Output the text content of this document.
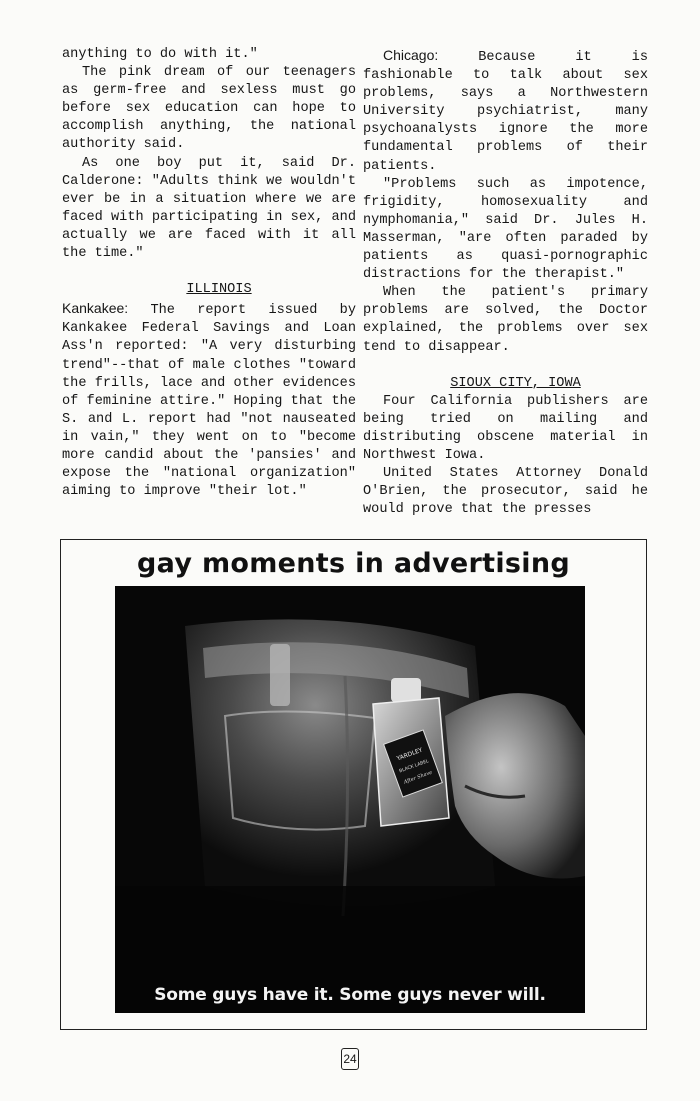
anything to do with it."

The pink dream of our teenagers as germ-free and sexless must go before sex education can hope to accomplish anything, the national authority said.

As one boy put it, said Dr. Calderone: "Adults think we wouldn't ever be in a situation where we are faced with participating in sex, and actually we are faced with it all the time."

ILLINOIS

Kankakee: The report issued by Kankakee Federal Savings and Loan Ass'n reported: "A very disturbing trend"--that of male clothes "toward the frills, lace and other evidences of feminine attire." Hoping that the S. and L. report had "not nauseated in vain," they went on to "become more candid about the 'pansies' and expose the "national organization" aiming to improve "their lot."

Chicago: Because it is fashionable to talk about sex problems, says a Northwestern University psychiatrist, many psychoanalysts ignore the more fundamental problems of their patients.

"Problems such as impotence, frigidity, homosexuality and nymphomania," said Dr. Jules H. Masserman, "are often paraded by patients as quasi-pornographic distractions for the therapist."

When the patient's primary problems are solved, the Doctor explained, the problems over sex tend to disappear.

SIOUX CITY, IOWA

Four California publishers are being tried on mailing and distributing obscene material in Northwest Iowa.

United States Attorney Donald O'Brien, the prosecutor, said he would prove that the presses

gay moments in advertising
YARDLEY
BLACK LABEL
After Shave
Some guys have it. Some guys never will.
24
